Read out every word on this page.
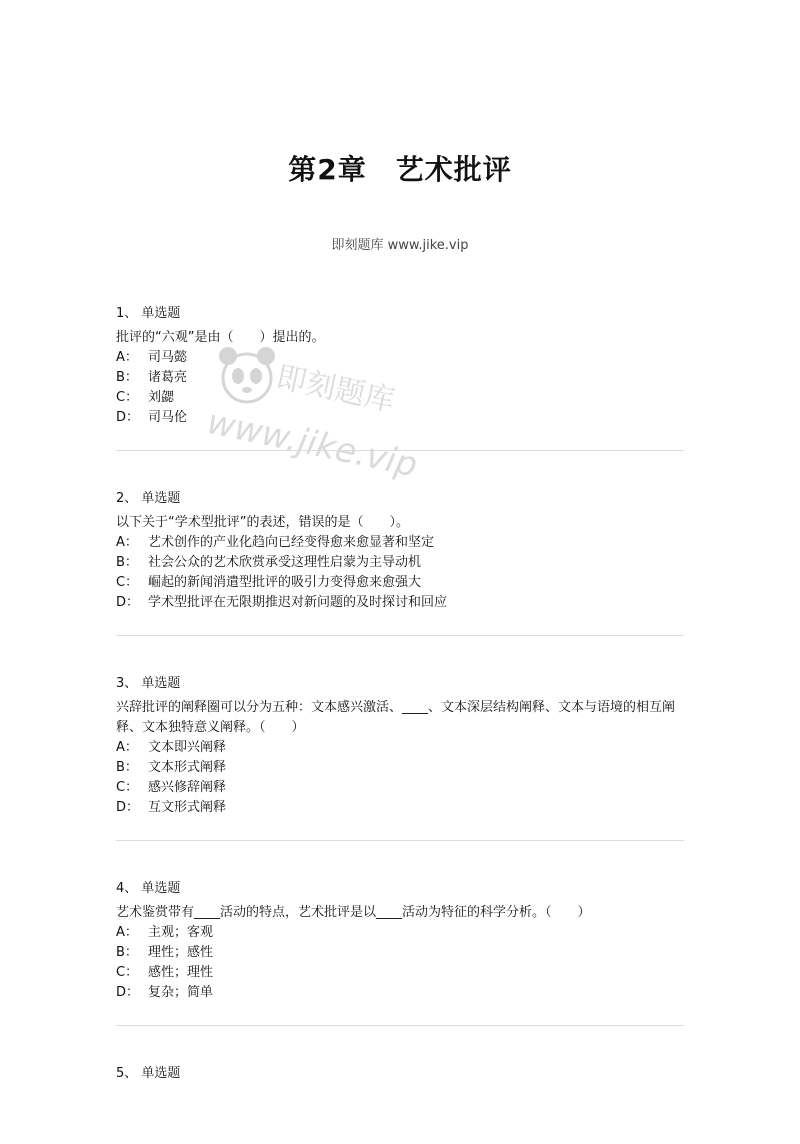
第2章　艺术批评

即刻题库 www.jike.vip

即刻题库
www.jike.vip
1、 单选题
批评的“六观”是由（　　）提出的。
A： 司马懿
B： 诸葛亮
C： 刘勰
D： 司马伦
2、 单选题
以下关于“学术型批评”的表述，错误的是（　　）。
A： 艺术创作的产业化趋向已经变得愈来愈显著和坚定
B： 社会公众的艺术欣赏承受这理性启蒙为主导动机
C： 崛起的新闻消遣型批评的吸引力变得愈来愈强大
D： 学术型批评在无限期推迟对新问题的及时探讨和回应
3、 单选题
兴辞批评的阐释圈可以分为五种：文本感兴激活、____、文本深层结构阐释、文本与语境的相互阐释、文本独特意义阐释。（　　）
A： 文本即兴阐释
B： 文本形式阐释
C： 感兴修辞阐释
D： 互文形式阐释
4、 单选题
艺术鉴赏带有____活动的特点，艺术批评是以____活动为特征的科学分析。（　　）
A： 主观；客观
B： 理性；感性
C： 感性；理性
D： 复杂；简单
5、 单选题
